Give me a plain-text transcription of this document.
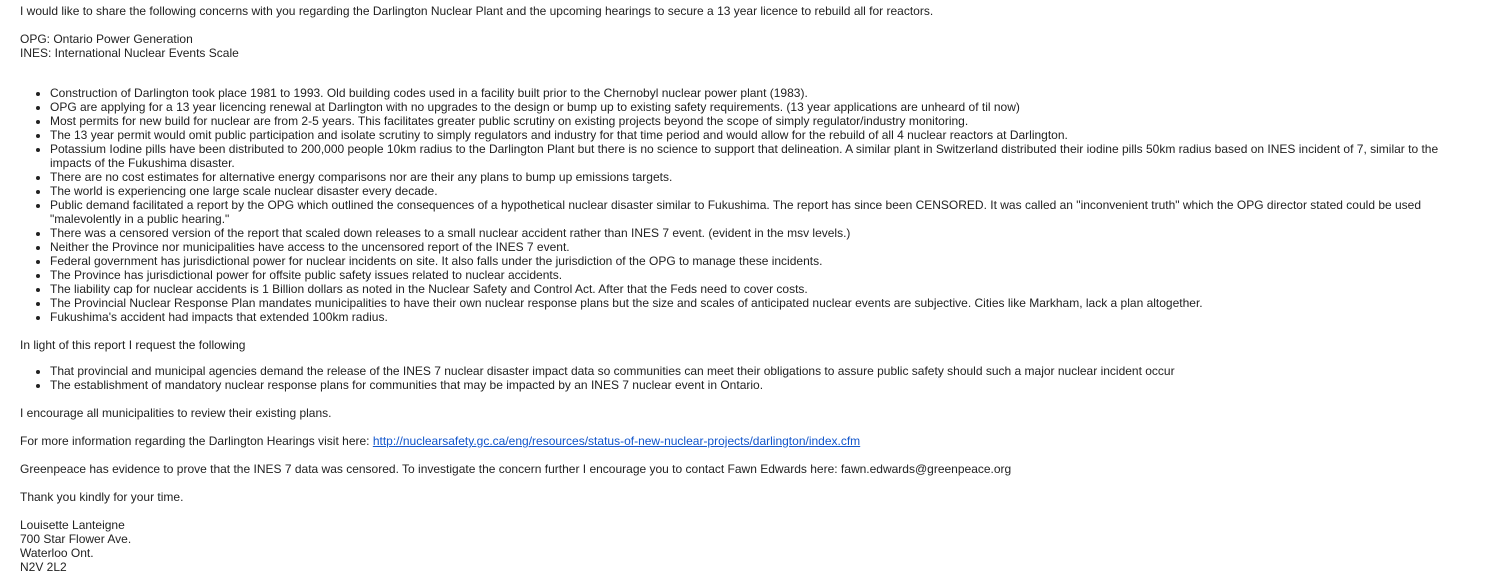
I would like to share the following concerns with you regarding the Darlington Nuclear Plant and the upcoming hearings to secure a 13 year licence to rebuild all for reactors.

OPG: Ontario Power Generation

INES: International Nuclear Events Scale

• Construction of Darlington took place 1981 to 1993. Old building codes used in a facility built prior to the Chernobyl nuclear power plant (1983).
• OPG are applying for a 13 year licencing renewal at Darlington with no upgrades to the design or bump up to existing safety requirements. (13 year applications are unheard of til now)
• Most permits for new build for nuclear are from 2-5 years. This facilitates greater public scrutiny on existing projects beyond the scope of simply regulator/industry monitoring.
• The 13 year permit would omit public participation and isolate scrutiny to simply regulators and industry for that time period and would allow for the rebuild of all 4 nuclear reactors at Darlington.
• Potassium Iodine pills have been distributed to 200,000 people 10km radius to the Darlington Plant but there is no science to support that delineation. A similar plant in Switzerland distributed their iodine pills 50km radius based on INES incident of 7, similar to the impacts of the Fukushima disaster.
• There are no cost estimates for alternative energy comparisons nor are their any plans to bump up emissions targets.
• The world is experiencing one large scale nuclear disaster every decade.
• Public demand facilitated a report by the OPG which outlined the consequences of a hypothetical nuclear disaster similar to Fukushima. The report has since been CENSORED. It was called an "inconvenient truth" which the OPG director stated could be used "malevolently in a public hearing."
• There was a censored version of the report that scaled down releases to a small nuclear accident rather than INES 7 event. (evident in the msv levels.)
• Neither the Province nor municipalities have access to the uncensored report of the INES 7 event.
• Federal government has jurisdictional power for nuclear incidents on site. It also falls under the jurisdiction of the OPG to manage these incidents.
• The Province has jurisdictional power for offsite public safety issues related to nuclear accidents.
• The liability cap for nuclear accidents is 1 Billion dollars as noted in the Nuclear Safety and Control Act. After that the Feds need to cover costs.
• The Provincial Nuclear Response Plan mandates municipalities to have their own nuclear response plans but the size and scales of anticipated nuclear events are subjective. Cities like Markham, lack a plan altogether.
• Fukushima's accident had impacts that extended 100km radius.

In light of this report I request the following

• That provincial and municipal agencies demand the release of the INES 7 nuclear disaster impact data so communities can meet their obligations to assure public safety should such a major nuclear incident occur
• The establishment of mandatory nuclear response plans for communities that may be impacted by an INES 7 nuclear event in Ontario.

I encourage all municipalities to review their existing plans.

For more information regarding the Darlington Hearings visit here: http://nuclearsafety.gc.ca/eng/resources/status-of-new-nuclear-projects/darlington/index.cfm

Greenpeace has evidence to prove that the INES 7 data was censored. To investigate the concern further I encourage you to contact Fawn Edwards here: fawn.edwards@greenpeace.org

Thank you kindly for your time.

Louisette Lanteigne

700 Star Flower Ave.

Waterloo Ont.

N2V 2L2
